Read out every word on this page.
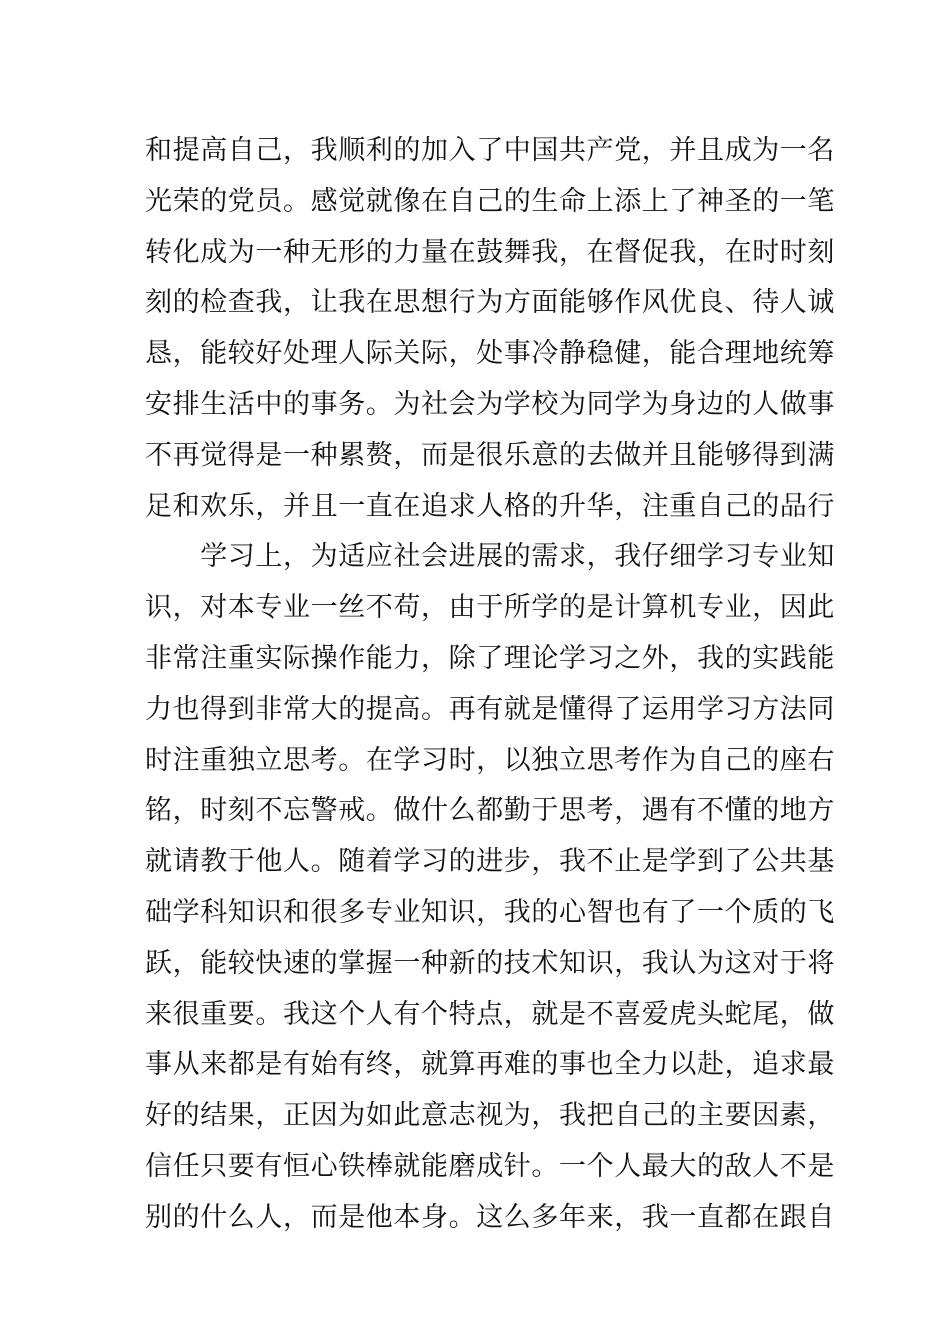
和提高自己，我顺利的加入了中国共产党，并且成为一名
光荣的党员。感觉就像在自己的生命上添上了神圣的一笔
转化成为一种无形的力量在鼓舞我，在督促我，在时时刻
刻的检查我，让我在思想行为方面能够作风优良、待人诚
恳，能较好处理人际关际，处事冷静稳健，能合理地统筹
安排生活中的事务。为社会为学校为同学为身边的人做事
不再觉得是一种累赘，而是很乐意的去做并且能够得到满
足和欢乐，并且一直在追求人格的升华，注重自己的品行
　　学习上，为适应社会进展的需求，我仔细学习专业知
识，对本专业一丝不苟，由于所学的是计算机专业，因此
非常注重实际操作能力，除了理论学习之外，我的实践能
力也得到非常大的提高。再有就是懂得了运用学习方法同
时注重独立思考。在学习时，以独立思考作为自己的座右
铭，时刻不忘警戒。做什么都勤于思考，遇有不懂的地方
就请教于他人。随着学习的进步，我不止是学到了公共基
础学科知识和很多专业知识，我的心智也有了一个质的飞
跃，能较快速的掌握一种新的技术知识，我认为这对于将
来很重要。我这个人有个特点，就是不喜爱虎头蛇尾，做
事从来都是有始有终，就算再难的事也全力以赴，追求最
好的结果，正因为如此意志视为，我把自己的主要因素，
信任只要有恒心铁棒就能磨成针。一个人最大的敌人不是
别的什么人，而是他本身。这么多年来，我一直都在跟自
